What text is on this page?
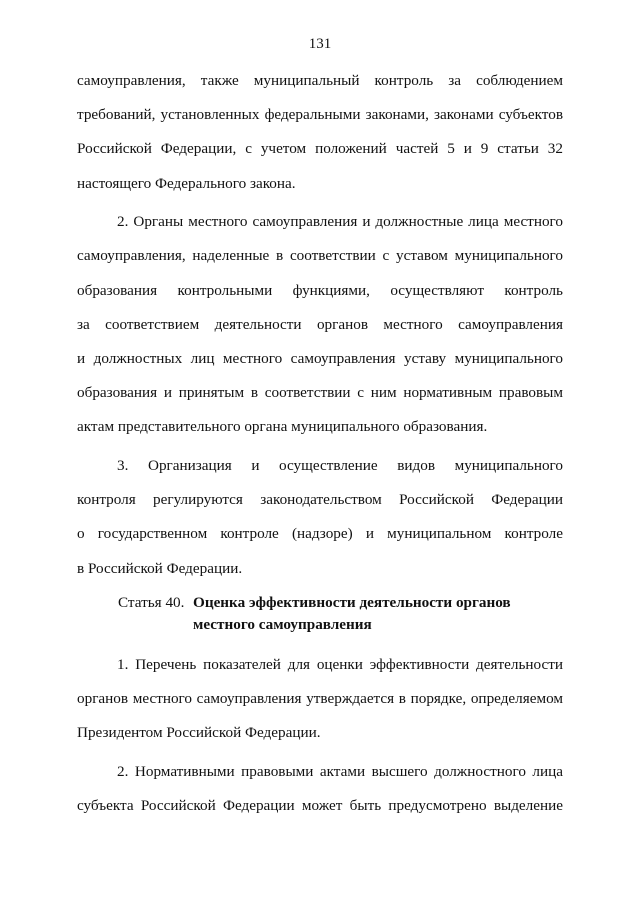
131
самоуправления, также муниципальный контроль за соблюдением
требований, установленных федеральными законами, законами субъектов
Российской Федерации, с учетом положений частей 5 и 9 статьи 32
настоящего Федерального закона.
2. Органы местного самоуправления и должностные лица местного
самоуправления, наделенные в соответствии с уставом муниципального
образования контрольными функциями, осуществляют контроль
за соответствием деятельности органов местного самоуправления
и должностных лиц местного самоуправления уставу муниципального
образования и принятым в соответствии с ним нормативным правовым
актам представительного органа муниципального образования.
3. Организация и осуществление видов муниципального
контроля регулируются законодательством Российской Федерации
о государственном контроле (надзоре) и муниципальном контроле
в Российской Федерации.
Статья 40. Оценка эффективности деятельности органов
местного самоуправления
1. Перечень показателей для оценки эффективности деятельности
органов местного самоуправления утверждается в порядке, определяемом
Президентом Российской Федерации.
2. Нормативными правовыми актами высшего должностного лица
субъекта Российской Федерации может быть предусмотрено выделение
